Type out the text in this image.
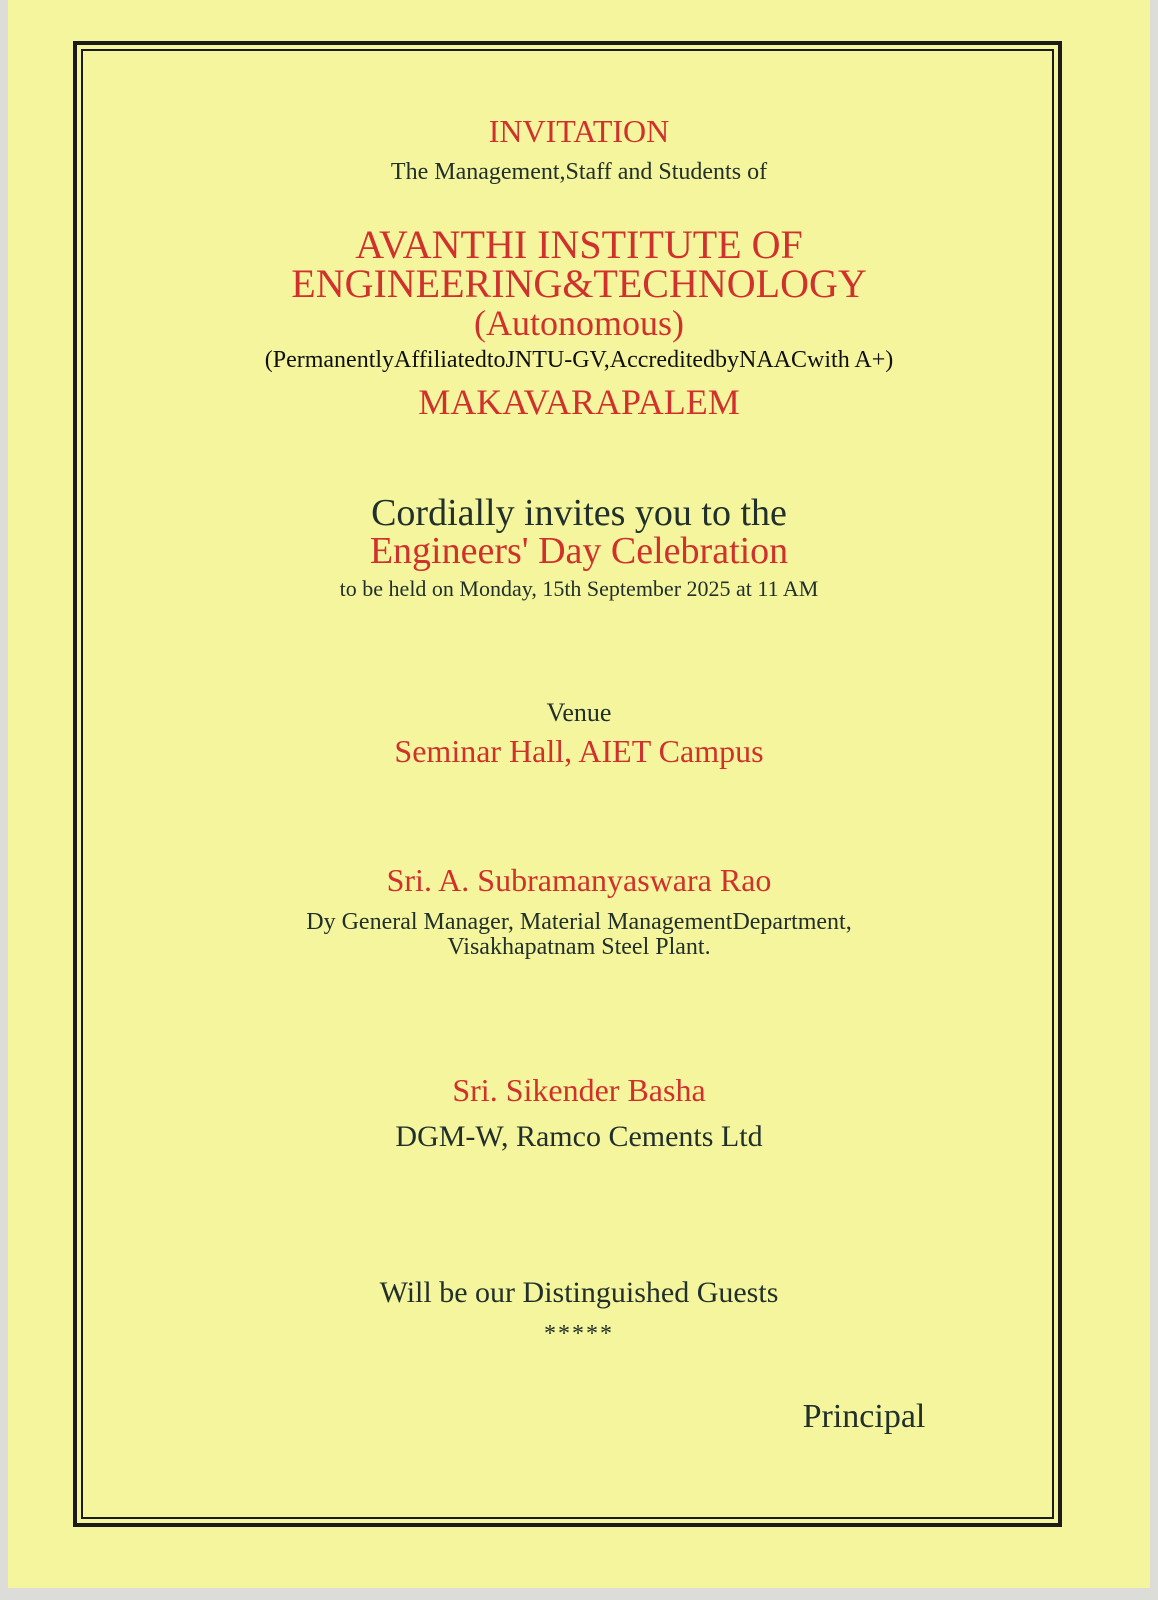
INVITATION
The Management,Staff and Students of
AVANTHI INSTITUTE OF
ENGINEERING&TECHNOLOGY
(Autonomous)
(PermanentlyAffiliatedtoJNTU-GV,AccreditedbyNAACwith A+)
MAKAVARAPALEM
Cordially invites you to the
Engineers' Day Celebration
to be held on Monday, 15th September 2025 at 11 AM
Venue
Seminar Hall, AIET Campus
Sri. A. Subramanyaswara Rao
Dy General Manager, Material ManagementDepartment,
Visakhapatnam Steel Plant.
Sri. Sikender Basha
DGM-W, Ramco Cements Ltd
Will be our Distinguished Guests
*****
Principal
